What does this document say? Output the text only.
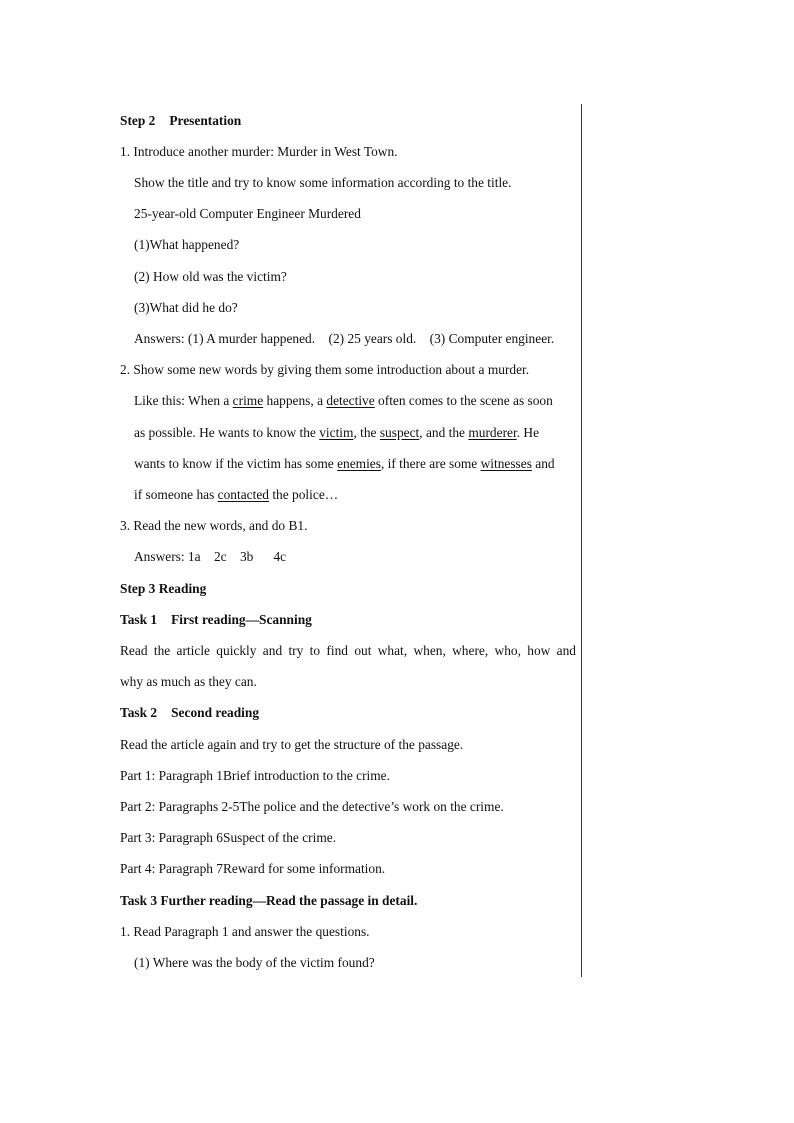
Step 2 Presentation
1. Introduce another murder: Murder in West Town.
Show the title and try to know some information according to the title.
25-year-old Computer Engineer Murdered
(1)What happened?
(2) How old was the victim?
(3)What did he do?
Answers: (1) A murder happened.    (2) 25 years old.    (3) Computer engineer.
2. Show some new words by giving them some introduction about a murder.
Like this: When a crime happens, a detective often comes to the scene as soon
as possible. He wants to know the victim, the suspect, and the murderer. He
wants to know if the victim has some enemies, if there are some witnesses and
if someone has contacted the police…
3. Read the new words, and do B1.
Answers: 1a    2c    3b      4c
Step 3 Reading
Task 1 First reading—Scanning
Read the article quickly and try to find out what, when, where, who, how and
why as much as they can.
Task 2 Second reading
Read the article again and try to get the structure of the passage.
Part 1: Paragraph 1Brief introduction to the crime.
Part 2: Paragraphs 2-5The police and the detective’s work on the crime.
Part 3: Paragraph 6Suspect of the crime.
Part 4: Paragraph 7Reward for some information.
Task 3 Further reading—Read the passage in detail.
1. Read Paragraph 1 and answer the questions.
(1) Where was the body of the victim found?
